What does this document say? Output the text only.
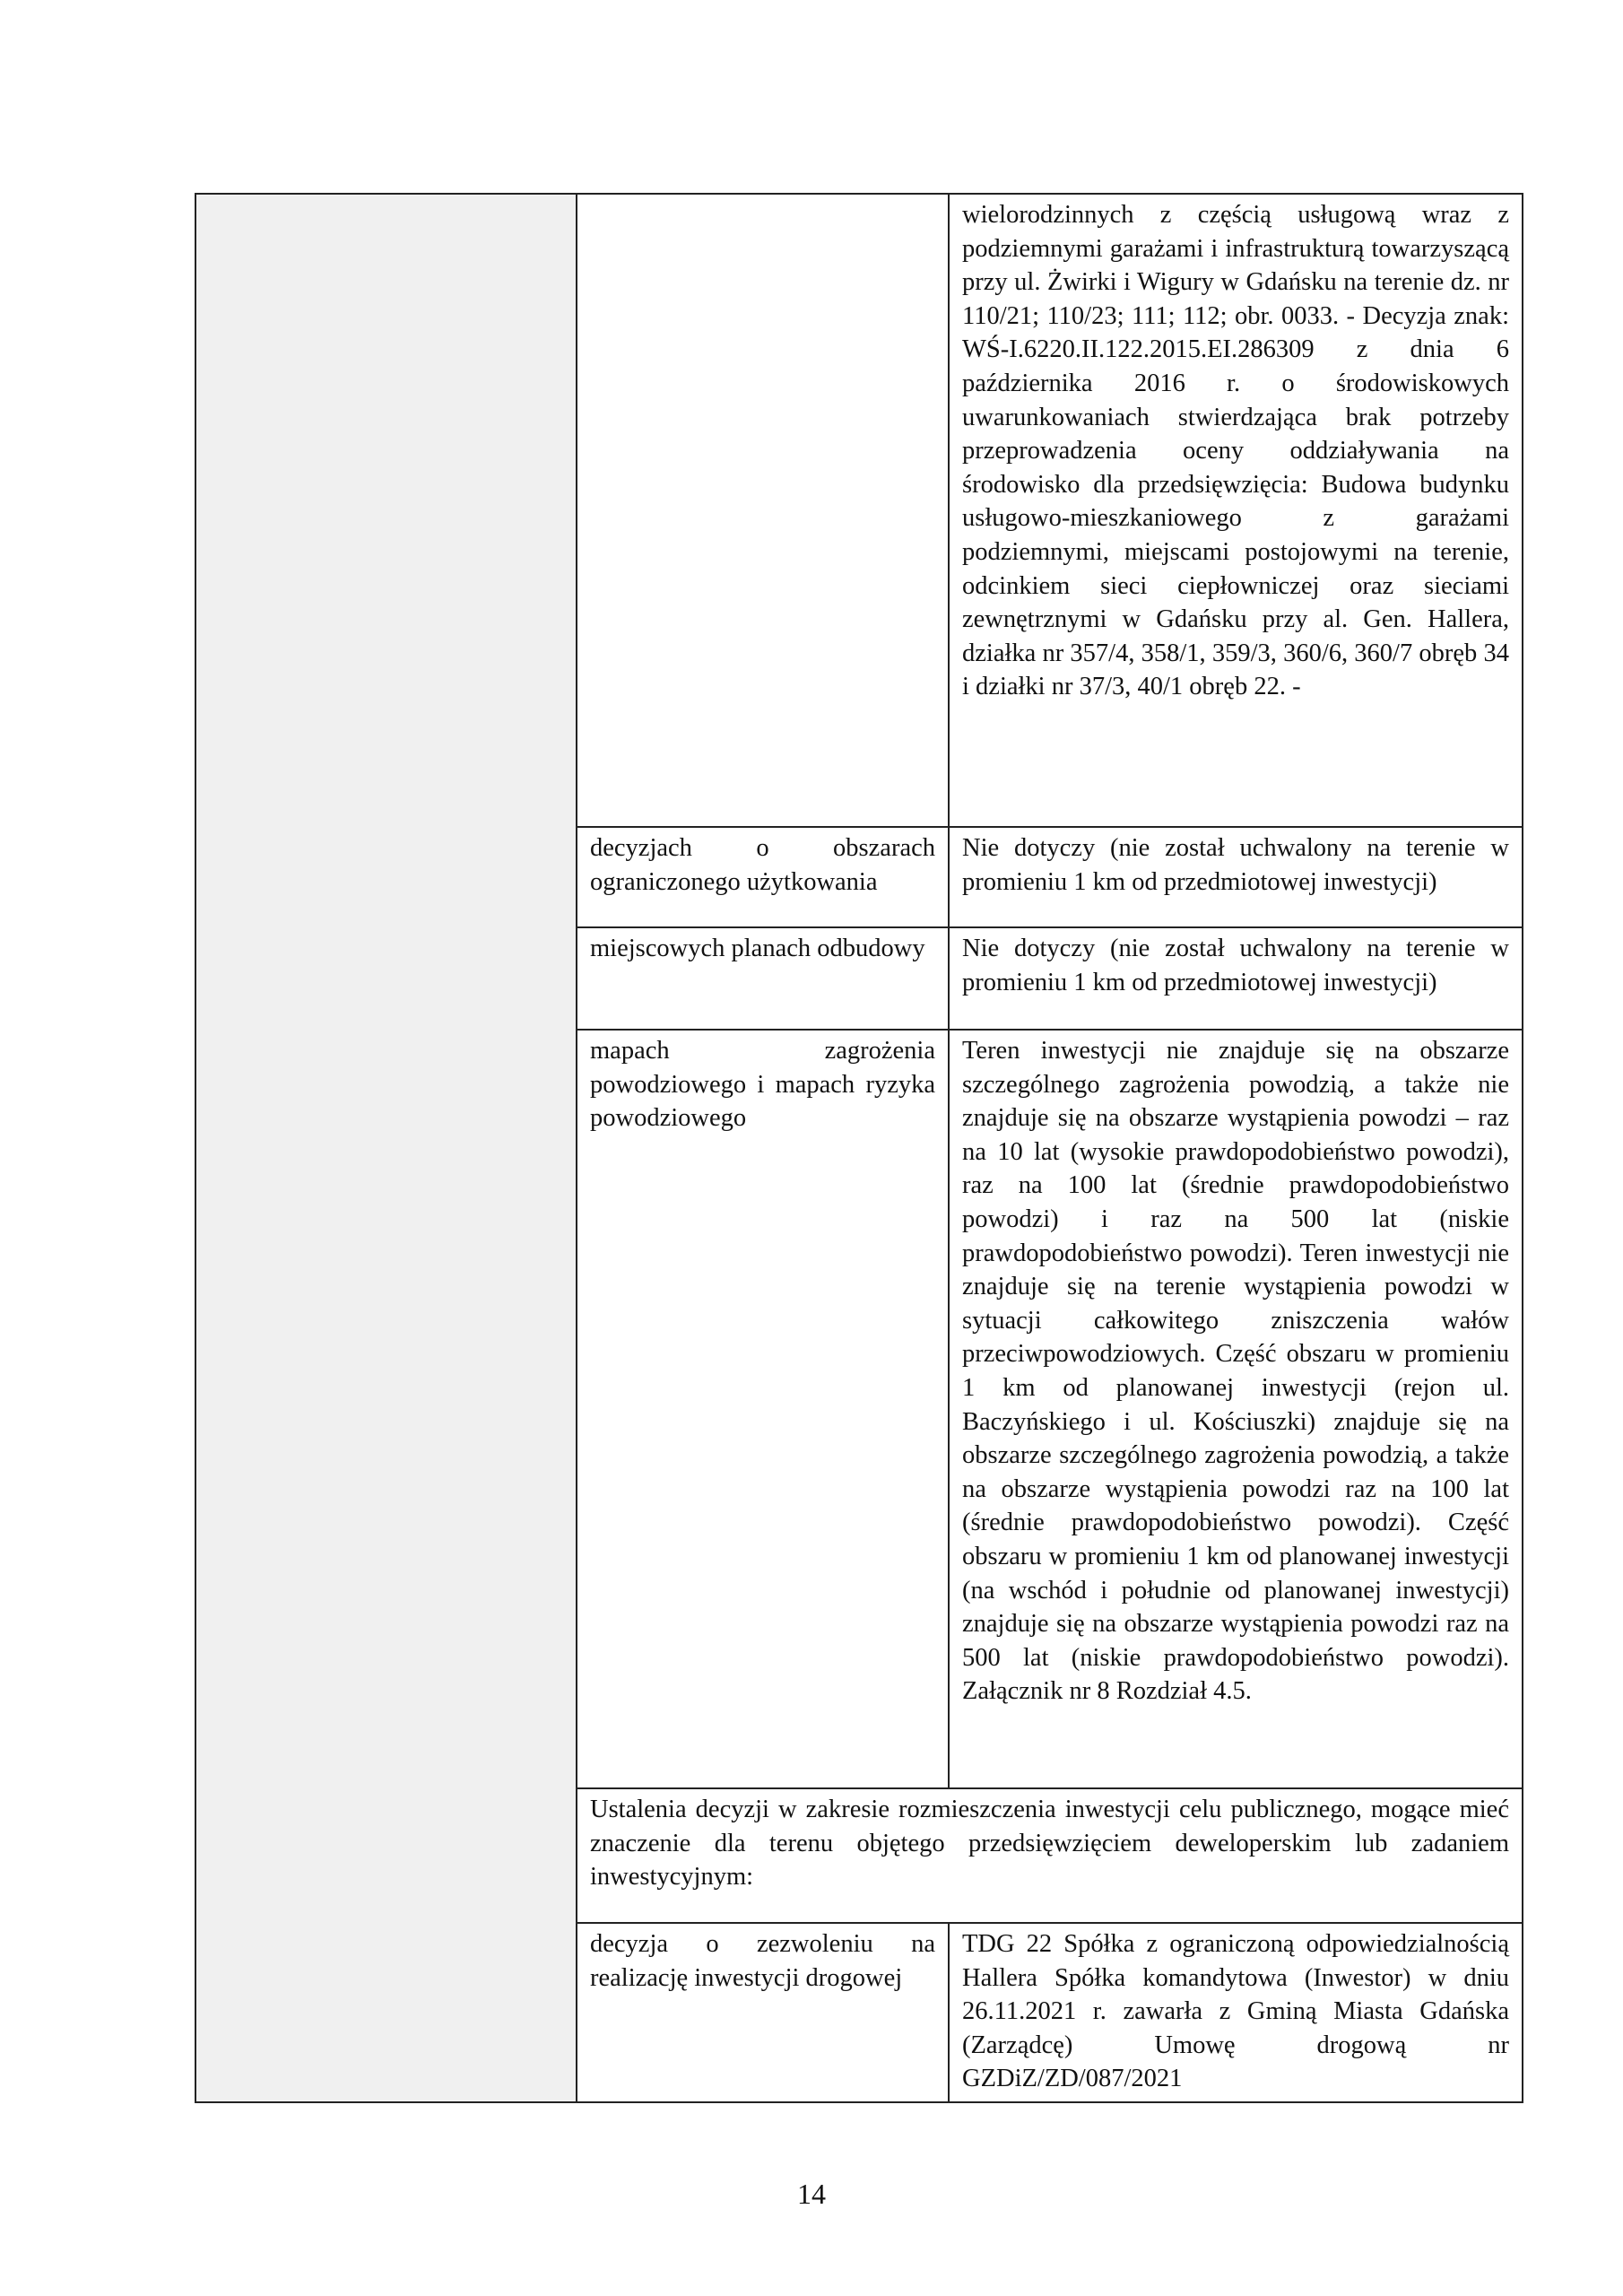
		wielorodzinnych z częścią usługową wraz z podziemnymi garażami i infrastrukturą towarzyszącą przy ul. Żwirki i Wigury w Gdańsku na terenie dz. nr 110/21; 110/23; 111; 112; obr. 0033. - Decyzja znak: WŚ-I.6220.II.122.2015.EI.286309 z dnia 6 października 2016 r. o środowiskowych uwarunkowaniach stwierdzająca brak potrzeby przeprowadzenia oceny oddziaływania na środowisko dla przedsięwzięcia: Budowa budynku usługowo-mieszkaniowego z garażami podziemnymi, miejscami postojowymi na terenie, odcinkiem sieci ciepłowniczej oraz sieciami zewnętrznymi w Gdańsku przy al. Gen. Hallera, działka nr 357/4, 358/1, 359/3, 360/6, 360/7 obręb 34 i działki nr 37/3, 40/1 obręb 22. -
	decyzjach o obszarach ograniczonego użytkowania	Nie dotyczy (nie został uchwalony na terenie w promieniu 1 km od przedmiotowej inwestycji)
	miejscowych planach odbudowy	Nie dotyczy (nie został uchwalony na terenie w promieniu 1 km od przedmiotowej inwestycji)
	mapach zagrożenia powodziowego i mapach ryzyka powodziowego	Teren inwestycji nie znajduje się na obszarze szczególnego zagrożenia powodzią, a także nie znajduje się na obszarze wystąpienia powodzi – raz na 10 lat (wysokie prawdopodobieństwo powodzi), raz na 100 lat (średnie prawdopodobieństwo powodzi) i raz na 500 lat (niskie prawdopodobieństwo powodzi). Teren inwestycji nie znajduje się na terenie wystąpienia powodzi w sytuacji całkowitego zniszczenia wałów przeciwpowodziowych. Część obszaru w promieniu 1 km od planowanej inwestycji (rejon ul. Baczyńskiego i ul. Kościuszki) znajduje się na obszarze szczególnego zagrożenia powodzią, a także na obszarze wystąpienia powodzi raz na 100 lat (średnie prawdopodobieństwo powodzi). Część obszaru w promieniu 1 km od planowanej inwestycji (na wschód i południe od planowanej inwestycji) znajduje się na obszarze wystąpienia powodzi raz na 500 lat (niskie prawdopodobieństwo powodzi). Załącznik nr 8 Rozdział 4.5.
	Ustalenia decyzji w zakresie rozmieszczenia inwestycji celu publicznego, mogące mieć znaczenie dla terenu objętego przedsięwzięciem deweloperskim lub zadaniem inwestycyjnym:	
	decyzja o zezwoleniu na realizację inwestycji drogowej	TDG 22 Spółka z ograniczoną odpowiedzialnością Hallera Spółka komandytowa (Inwestor) w dniu 26.11.2021 r. zawarła z Gminą Miasta Gdańska (Zarządcę) Umowę drogową nr GZDiZ/ZD/087/2021
14
